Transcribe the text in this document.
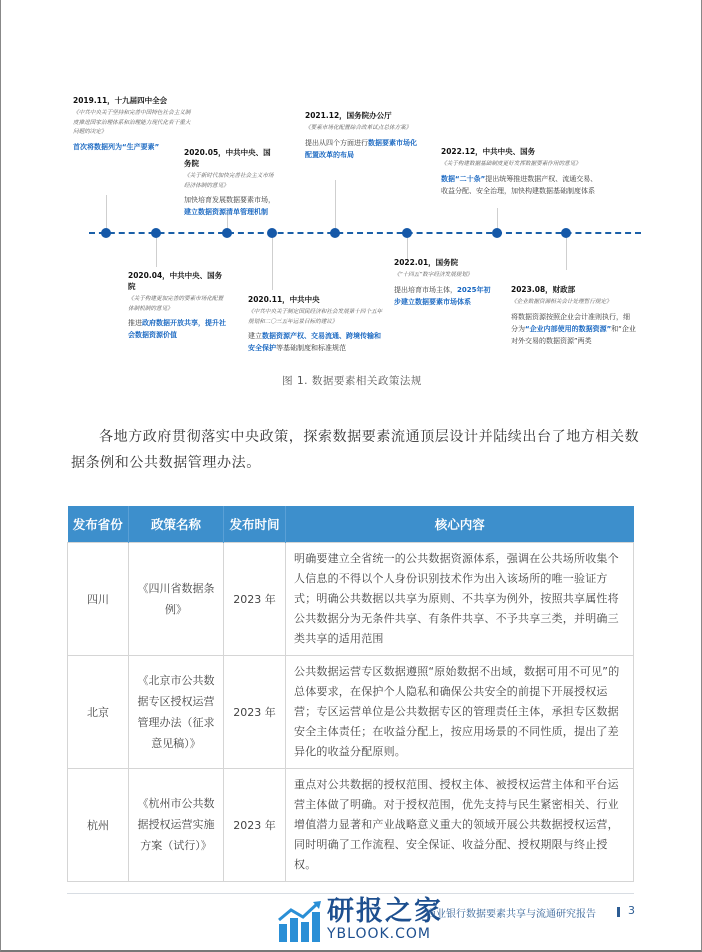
2019.11，十九届四中全会
《中共中央关于坚持和完善中国特色社会主义制度推进国家治理体系和治理能力现代化若干重大问题的决定》
首次将数据列为“生产要素”
2020.05，中共中央、国务院
《关于新时代加快完善社会主义市场经济体制的意见》
加快培育发展数据要素市场，建立数据资源清单管理机制
2021.12，国务院办公厅
《要素市场化配置综合改革试点总体方案》
提出从四个方面进行数据要素市场化配置改革的布局	2022.12，中共中央、国务
《关于构建数据基础制度更好发挥数据要素作用的意见》
数据“二十条”提出统筹推进数据产权、流通交易、收益分配、安全治理，加快构建数据基础制度体系
2020.04，中共中央、国务院
《关于构建更加完善的要素市场化配置体制机制的意见》
推进政府数据开放共享，提升社会数据资源价值
2020.11，中共中央
《中共中央关于制定国民经济和社会发展第十四个五年规划和二〇三五年远景目标的建议》
建立数据资源产权、交易流通、跨境传输和安全保护等基础制度和标准规范
2022.01，国务院
《“十四五”数字经济发展规划》
提出培育市场主体，2025年初步建立数据要素市场体系
2023.08，财政部
《企业数据资源相关会计处理暂行规定》
将数据资源按照企业会计准则执行，细分为“企业内部使用的数据资源”和“企业对外交易的数据资源”两类
图 1. 数据要素相关政策法规

各地方政府贯彻落实中央政策，探索数据要素流通顶层设计并陆续出台了地方相关数据条例和公共数据管理办法。

发布省份	政策名称	发布时间	核心内容
四川	《四川省数据条例》	2023 年	明确要建立全省统一的公共数据资源体系，强调在公共场所收集个人信息的不得以个人身份识别技术作为出入该场所的唯一验证方式；明确公共数据以共享为原则、不共享为例外，按照共享属性将公共数据分为无条件共享、有条件共享、不予共享三类，并明确三类共享的适用范围
北京	《北京市公共数据专区授权运营管理办法（征求意见稿）》	2023 年	公共数据运营专区数据遵照“原始数据不出域，数据可用不可见”的总体要求，在保护个人隐私和确保公共安全的前提下开展授权运营；专区运营单位是公共数据专区的管理责任主体，承担专区数据安全主体责任；在收益分配上，按应用场景的不同性质，提出了差异化的收益分配原则。
杭州	《杭州市公共数据授权运营实施方案（试行）》	2023 年	重点对公共数据的授权范围、授权主体、被授权运营主体和平台运营主体做了明确。对于授权范围，优先支持与民生紧密相关、行业增值潜力显著和产业战略意义重大的领域开展公共数据授权运营，同时明确了工作流程、安全保证、收益分配、授权期限与终止授权。
研报之家
YBLOOK.COM
商业银行数据要素共享与流通研究报告	3
